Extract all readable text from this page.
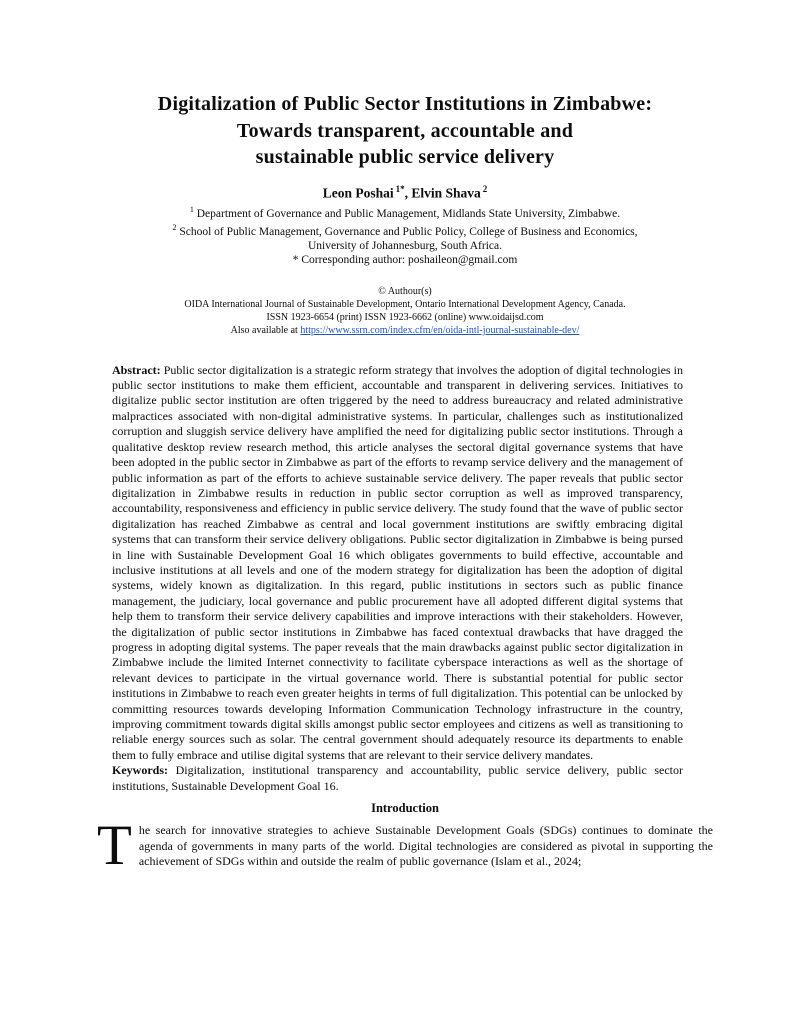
Digitalization of Public Sector Institutions in Zimbabwe:
Towards transparent, accountable and
sustainable public service delivery
Leon Poshai $^{1*}$, Elvin Shava $^2$
$^1$ Department of Governance and Public Management, Midlands State University, Zimbabwe.
$^2$ School of Public Management, Governance and Public Policy, College of Business and Economics,
University of Johannesburg, South Africa.
* Corresponding author: poshaileon@gmail.com
© Authour(s)
OIDA International Journal of Sustainable Development, Ontario International Development Agency, Canada.
ISSN 1923-6654 (print) ISSN 1923-6662 (online) www.oidaijsd.com
Also available at https://www.ssrn.com/index.cfm/en/oida-intl-journal-sustainable-dev/

Abstract: Public sector digitalization is a strategic reform strategy that involves the adoption of digital technologies in public sector institutions to make them efficient, accountable and transparent in delivering services. Initiatives to digitalize public sector institution are often triggered by the need to address bureaucracy and related administrative malpractices associated with non-digital administrative systems. In particular, challenges such as institutionalized corruption and sluggish service delivery have amplified the need for digitalizing public sector institutions. Through a qualitative desktop review research method, this article analyses the sectoral digital governance systems that have been adopted in the public sector in Zimbabwe as part of the efforts to revamp service delivery and the management of public information as part of the efforts to achieve sustainable service delivery. The paper reveals that public sector digitalization in Zimbabwe results in reduction in public sector corruption as well as improved transparency, accountability, responsiveness and efficiency in public service delivery. The study found that the wave of public sector digitalization has reached Zimbabwe as central and local government institutions are swiftly embracing digital systems that can transform their service delivery obligations. Public sector digitalization in Zimbabwe is being pursed in line with Sustainable Development Goal 16 which obligates governments to build effective, accountable and inclusive institutions at all levels and one of the modern strategy for digitalization has been the adoption of digital systems, widely known as digitalization. In this regard, public institutions in sectors such as public finance management, the judiciary, local governance and public procurement have all adopted different digital systems that help them to transform their service delivery capabilities and improve interactions with their stakeholders. However, the digitalization of public sector institutions in Zimbabwe has faced contextual drawbacks that have dragged the progress in adopting digital systems. The paper reveals that the main drawbacks against public sector digitalization in Zimbabwe include the limited Internet connectivity to facilitate cyberspace interactions as well as the shortage of relevant devices to participate in the virtual governance world. There is substantial potential for public sector institutions in Zimbabwe to reach even greater heights in terms of full digitalization. This potential can be unlocked by committing resources towards developing Information Communication Technology infrastructure in the country, improving commitment towards digital skills amongst public sector employees and citizens as well as transitioning to reliable energy sources such as solar. The central government should adequately resource its departments to enable them to fully embrace and utilise digital systems that are relevant to their service delivery mandates.

Keywords: Digitalization, institutional transparency and accountability, public service delivery, public sector institutions, Sustainable Development Goal 16.

Introduction

The search for innovative strategies to achieve Sustainable Development Goals (SDGs) continues to dominate the agenda of governments in many parts of the world. Digital technologies are considered as pivotal in supporting the achievement of SDGs within and outside the realm of public governance (Islam et al., 2024;
